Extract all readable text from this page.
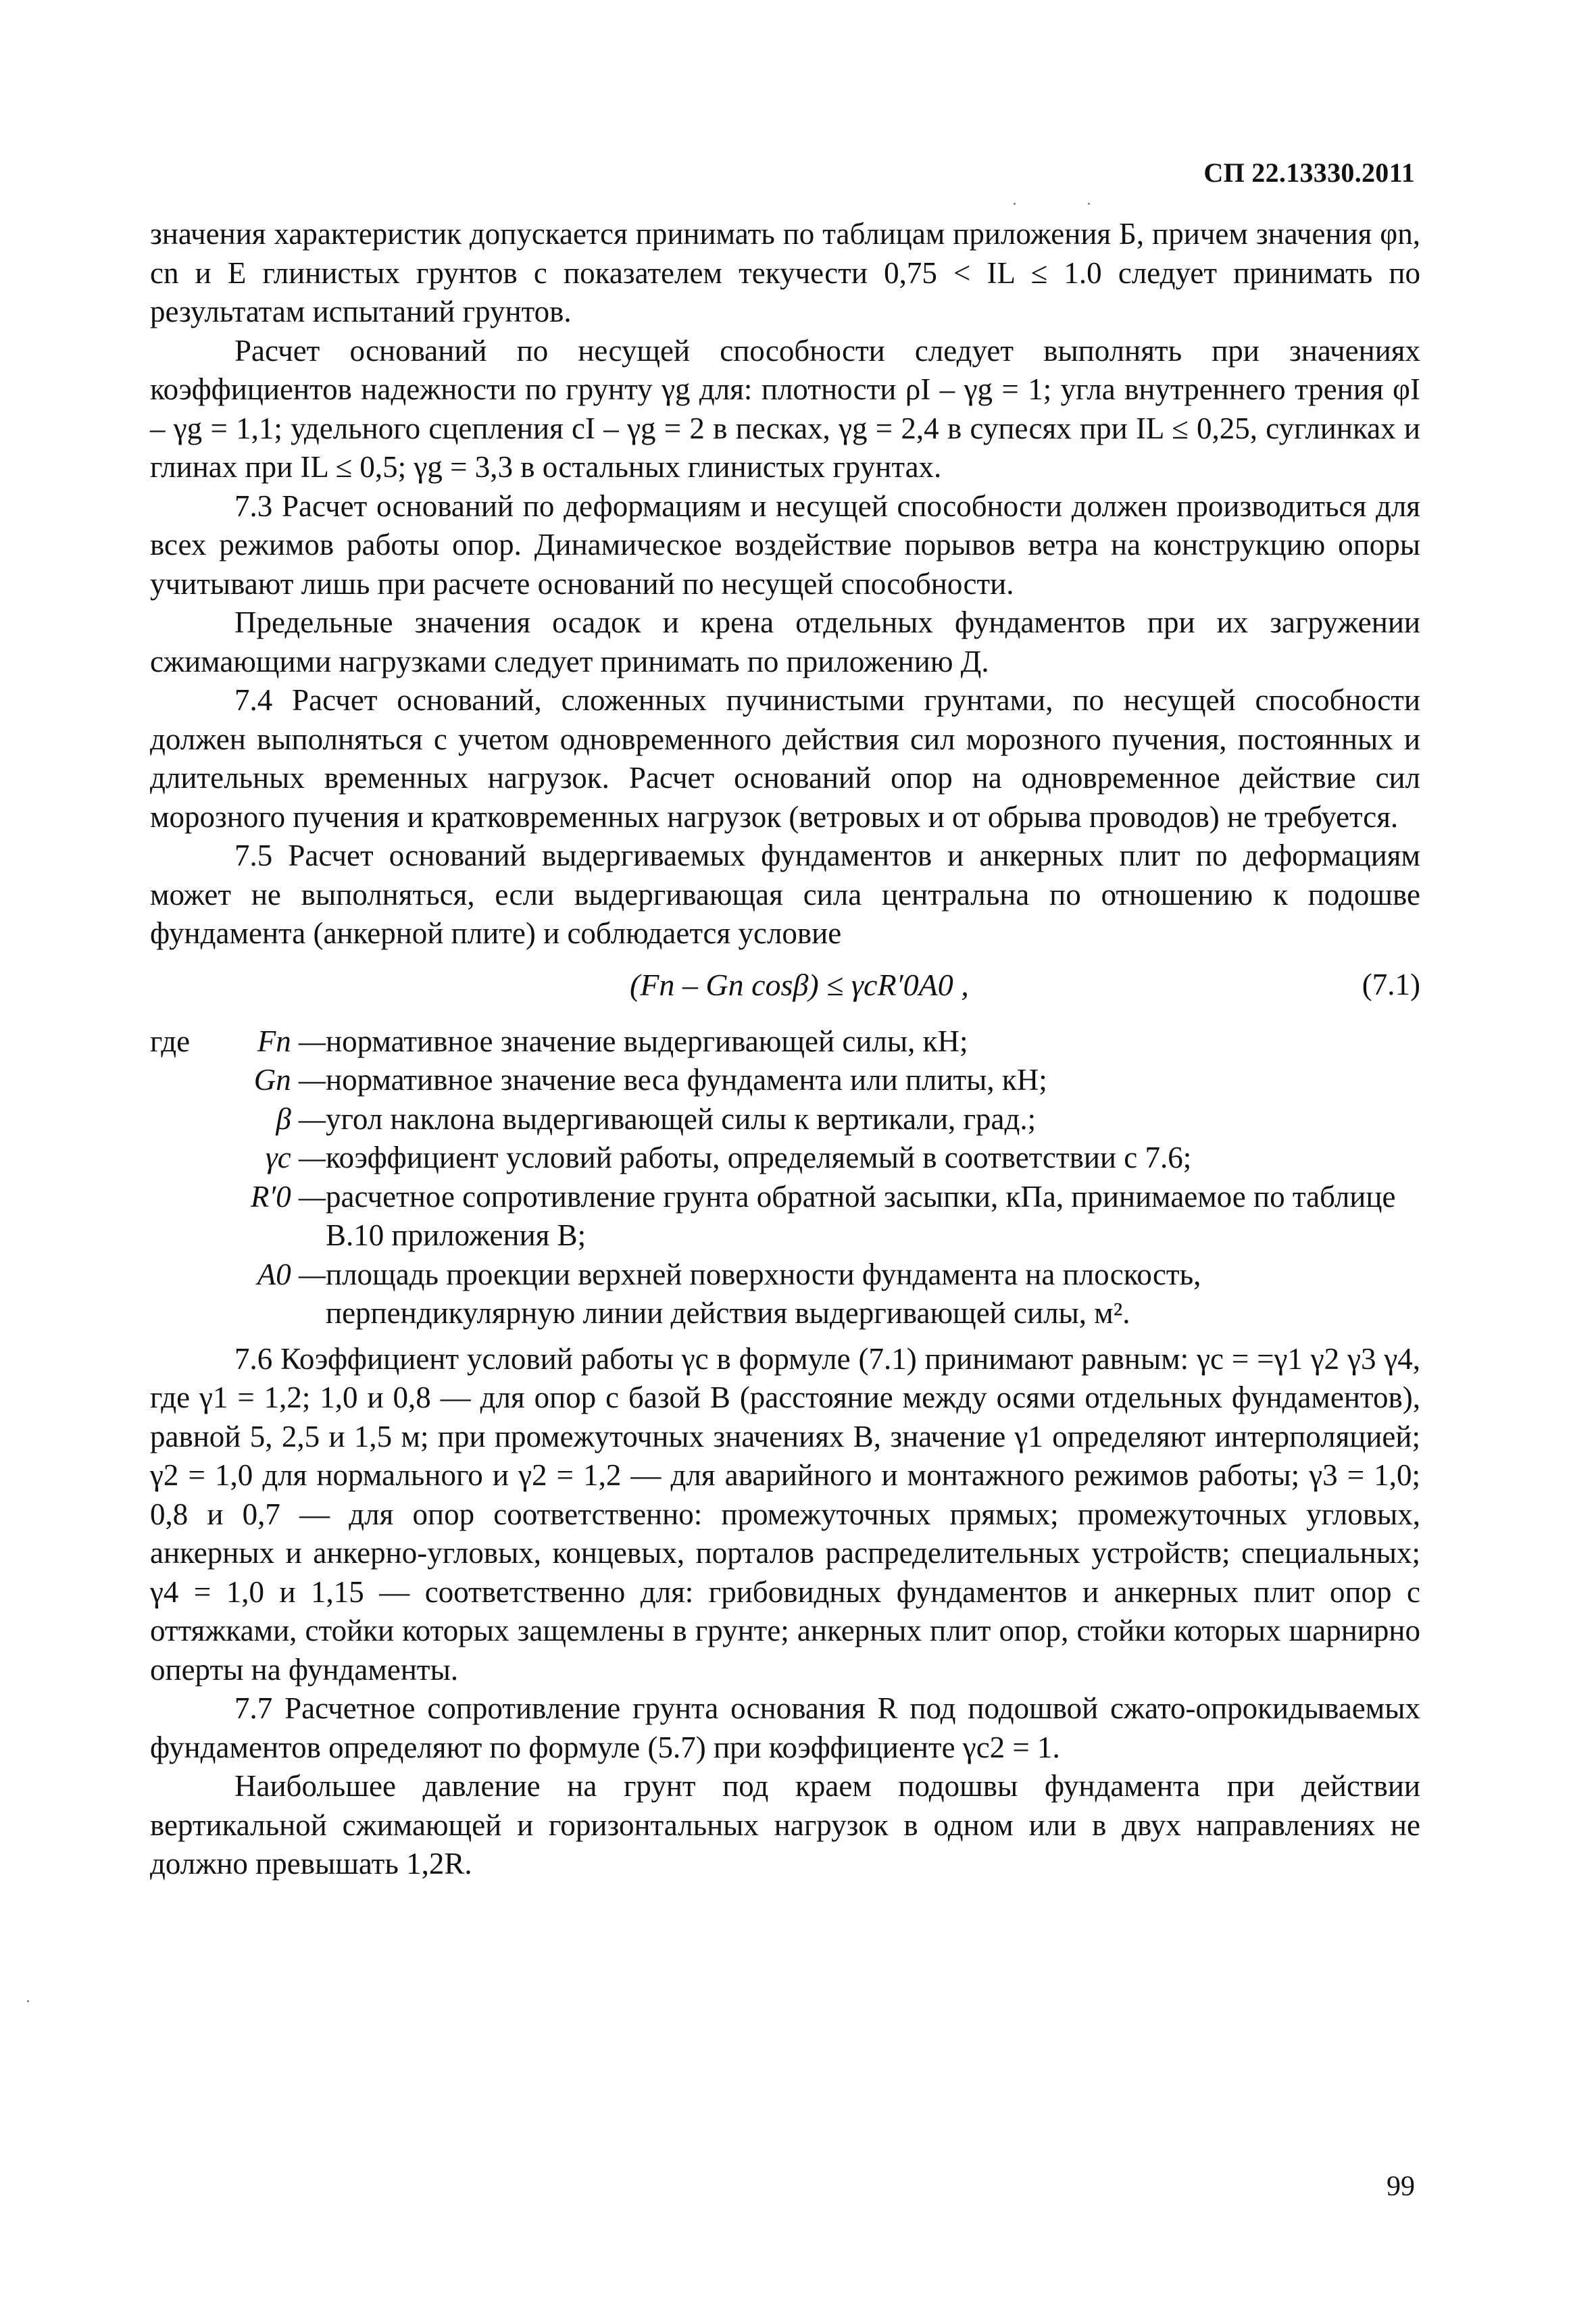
СП 22.13330.2011

значения характеристик допускается принимать по таблицам приложения Б, причем значения φn, cn и E глинистых грунтов с показателем текучести 0,75 < IL ≤ 1.0 следует принимать по результатам испытаний грунтов.

Расчет оснований по несущей способности следует выполнять при значениях коэффициентов надежности по грунту γg для: плотности ρI – γg = 1; угла внутреннего трения φI – γg = 1,1; удельного сцепления cI – γg = 2 в песках, γg = 2,4 в супесях при IL ≤ 0,25, суглинках и глинах при IL ≤ 0,5; γg = 3,3 в остальных глинистых грунтах.

7.3 Расчет оснований по деформациям и несущей способности должен производиться для всех режимов работы опор. Динамическое воздействие порывов ветра на конструкцию опоры учитывают лишь при расчете оснований по несущей способности.

Предельные значения осадок и крена отдельных фундаментов при их загружении сжимающими нагрузками следует принимать по приложению Д.

7.4 Расчет оснований, сложенных пучинистыми грунтами, по несущей способности должен выполняться с учетом одновременного действия сил морозного пучения, постоянных и длительных временных нагрузок. Расчет оснований опор на одновременное действие сил морозного пучения и кратковременных нагрузок (ветровых и от обрыва проводов) не требуется.

7.5 Расчет оснований выдергиваемых фундаментов и анкерных плит по деформациям может не выполняться, если выдергивающая сила центральна по отношению к подошве фундамента (анкерной плите) и соблюдается условие

(Fn – Gn cosβ) ≤ γcR′0A0 ,	(7.1)
где	Fn — нормативное значение выдергивающей силы, кН;
Gn — нормативное значение веса фундамента или плиты, кН;
β — угол наклона выдергивающей силы к вертикали, град.;
γc — коэффициент условий работы, определяемый в соответствии с 7.6;
R′0 — расчетное сопротивление грунта обратной засыпки, кПа, принимаемое по таблице В.10 приложения В;
A0 — площадь проекции верхней поверхности фундамента на плоскость, перпендикулярную линии действия выдергивающей силы, м².

7.6 Коэффициент условий работы γc в формуле (7.1) принимают равным: γc = =γ1 γ2 γ3 γ4, где γ1 = 1,2; 1,0 и 0,8 — для опор с базой B (расстояние между осями отдельных фундаментов), равной 5, 2,5 и 1,5 м; при промежуточных значениях B, значение γ1 определяют интерполяцией; γ2 = 1,0 для нормального и γ2 = 1,2 — для аварийного и монтажного режимов работы; γ3 = 1,0; 0,8 и 0,7 — для опор соответственно: промежуточных прямых; промежуточных угловых, анкерных и анкерно-угловых, концевых, порталов распределительных устройств; специальных; γ4 = 1,0 и 1,15 — соответственно для: грибовидных фундаментов и анкерных плит опор с оттяжками, стойки которых защемлены в грунте; анкерных плит опор, стойки которых шарнирно оперты на фундаменты.

7.7 Расчетное сопротивление грунта основания R под подошвой сжато-опрокидываемых фундаментов определяют по формуле (5.7) при коэффициенте γc2 = 1.

Наибольшее давление на грунт под краем подошвы фундамента при действии вертикальной сжимающей и горизонтальных нагрузок в одном или в двух направлениях не должно превышать 1,2R.

99
